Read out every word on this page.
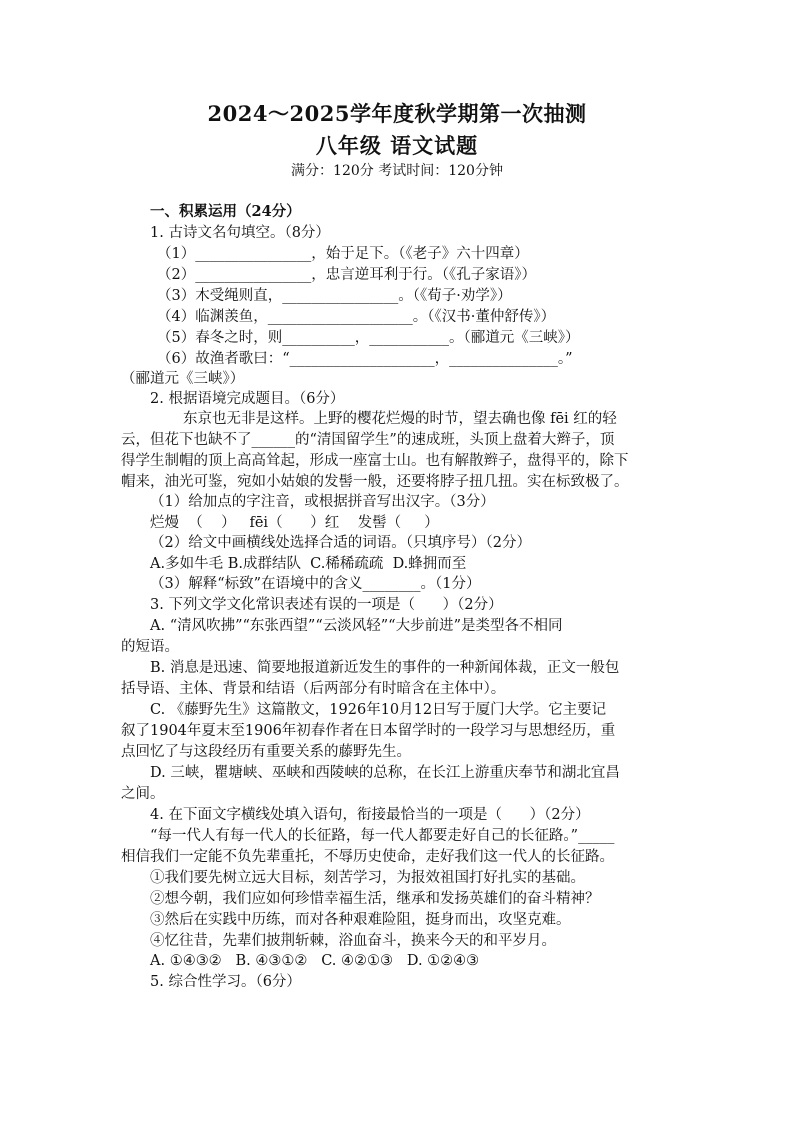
2024～2025学年度秋学期第一次抽测
八年级 语文试题
满分：120分 考试时间：120分钟
一、积累运用（24分）
1. 古诗文名句填空。（8分）
（1）________________，始于足下。（《老子》六十四章）
（2）________________，忠言逆耳利于行。（《孔子家语》）
（3）木受绳则直，________________。（《荀子·劝学》）
（4）临渊羡鱼，____________________。（《汉书·董仲舒传》）
（5）春冬之时，则__________，___________。（郦道元《三峡》）
（6）故渔者歌曰：“____________________，_______________。”
（郦道元《三峡》）
2. 根据语境完成题目。（6分）
东京也无非是这样。上野的樱花烂熳的时节，望去确也像 fēi 红的轻
云，但花下也缺不了______的“清国留学生”的速成班，头顶上盘着大辫子，顶
得学生制帽的顶上高高耸起，形成一座富士山。也有解散辫子，盘得平的，除下
帽来，油光可鉴，宛如小姑娘的发髻一般，还要将脖子扭几扭。实在标致极了。
（1）给加点的字注音，或根据拼音写出汉字。（3分）
烂熳  （    ）   fēi（      ）红    发髻（     ）
（2）给文中画横线处选择合适的词语。（只填序号）（2分）
A.多如牛毛 B.成群结队  C.稀稀疏疏  D.蜂拥而至
（3）解释“标致”在语境中的含义________。（1分）
3. 下列文学文化常识表述有误的一项是（      ）（2分）
A. “清风吹拂”“东张西望”“云淡风轻”“大步前进”是类型各不相同
的短语。
B. 消息是迅速、简要地报道新近发生的事件的一种新闻体裁，正文一般包
括导语、主体、背景和结语（后两部分有时暗含在主体中）。
C. 《藤野先生》这篇散文，1926年10月12日写于厦门大学。它主要记
叙了1904年夏末至1906年初春作者在日本留学时的一段学习与思想经历，重
点回忆了与这段经历有重要关系的藤野先生。
D. 三峡，瞿塘峡、巫峡和西陵峡的总称，在长江上游重庆奉节和湖北宜昌
之间。
4. 在下面文字横线处填入语句，衔接最恰当的一项是（      ）（2分）
“每一代人有每一代人的长征路，每一代人都要走好自己的长征路。”_____
相信我们一定能不负先辈重托，不辱历史使命，走好我们这一代人的长征路。
①我们要先树立远大目标，刻苦学习，为报效祖国打好扎实的基础。
②想今朝，我们应如何珍惜幸福生活，继承和发扬英雄们的奋斗精神？
③然后在实践中历练，而对各种艰难险阻，挺身而出，攻坚克难。
④忆往昔，先辈们披荆斩棘，浴血奋斗，换来今天的和平岁月。
A. ①④③②   B. ④③①②   C. ④②①③   D. ①②④③
5. 综合性学习。（6分）
